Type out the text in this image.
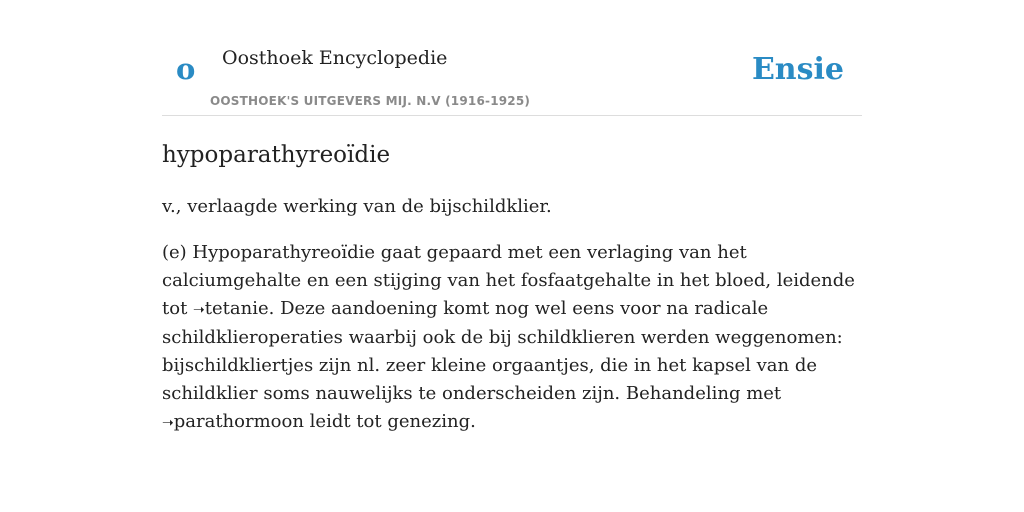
o Oosthoek Encyclopedie
OOSTHOEK'S UITGEVERS MIJ. N.V (1916-1925)
Ensie
hypoparathyreoïdie

v., verlaagde werking van de bijschildklier.

(e) Hypoparathyreoïdie gaat gepaard met een verlaging van het calciumgehalte en een stijging van het fosfaatgehalte in het bloed, leidende tot ➝tetanie. Deze aandoening komt nog wel eens voor na radicale schildklieroperaties waarbij ook de bij schildklieren werden weggenomen: bijschildkliertjes zijn nl. zeer kleine orgaantjes, die in het kapsel van de schildklier soms nauwelijks te onderscheiden zijn. Behandeling met ➝parathormoon leidt tot genezing.
